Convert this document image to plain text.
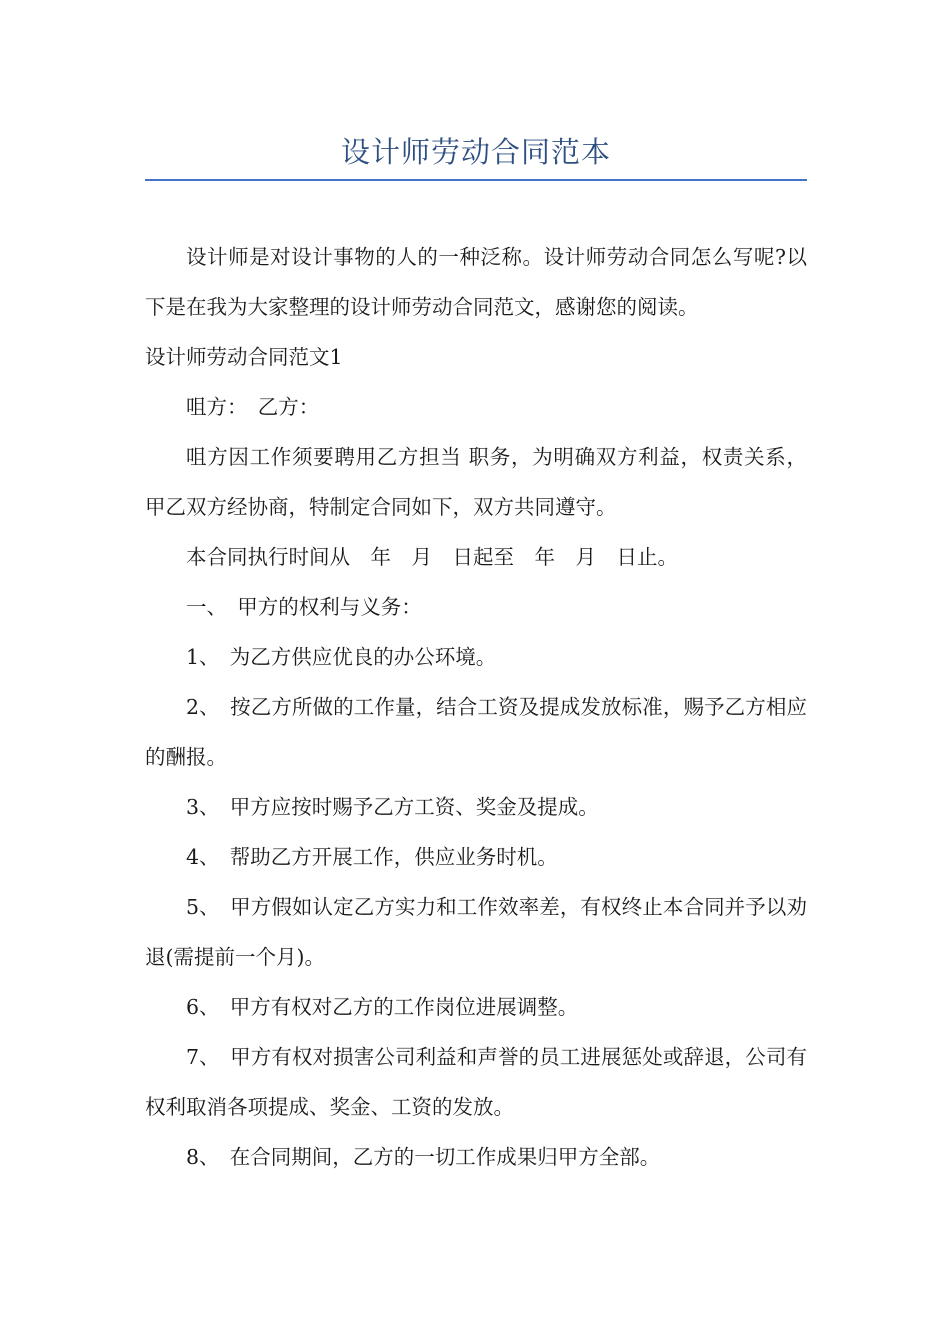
设计师劳动合同范本

设计师是对设计事物的人的一种泛称。设计师劳动合同怎么写呢?以下是在我为大家整理的设计师劳动合同范文，感谢您的阅读。

设计师劳动合同范文1

咀方：　乙方：

咀方因工作须要聘用乙方担当 职务，为明确双方利益，权责关系，甲乙双方经协商，特制定合同如下，双方共同遵守。

本合同执行时间从　年　月　日起至　年　月　日止。

一、　甲方的权利与义务：

1、　为乙方供应优良的办公环境。

2、　按乙方所做的工作量，结合工资及提成发放标准，赐予乙方相应的酬报。

3、　甲方应按时赐予乙方工资、奖金及提成。

4、　帮助乙方开展工作，供应业务时机。

5、　甲方假如认定乙方实力和工作效率差，有权终止本合同并予以劝退(需提前一个月)。

6、　甲方有权对乙方的工作岗位进展调整。

7、　甲方有权对损害公司利益和声誉的员工进展惩处或辞退，公司有权利取消各项提成、奖金、工资的发放。

8、　在合同期间，乙方的一切工作成果归甲方全部。
